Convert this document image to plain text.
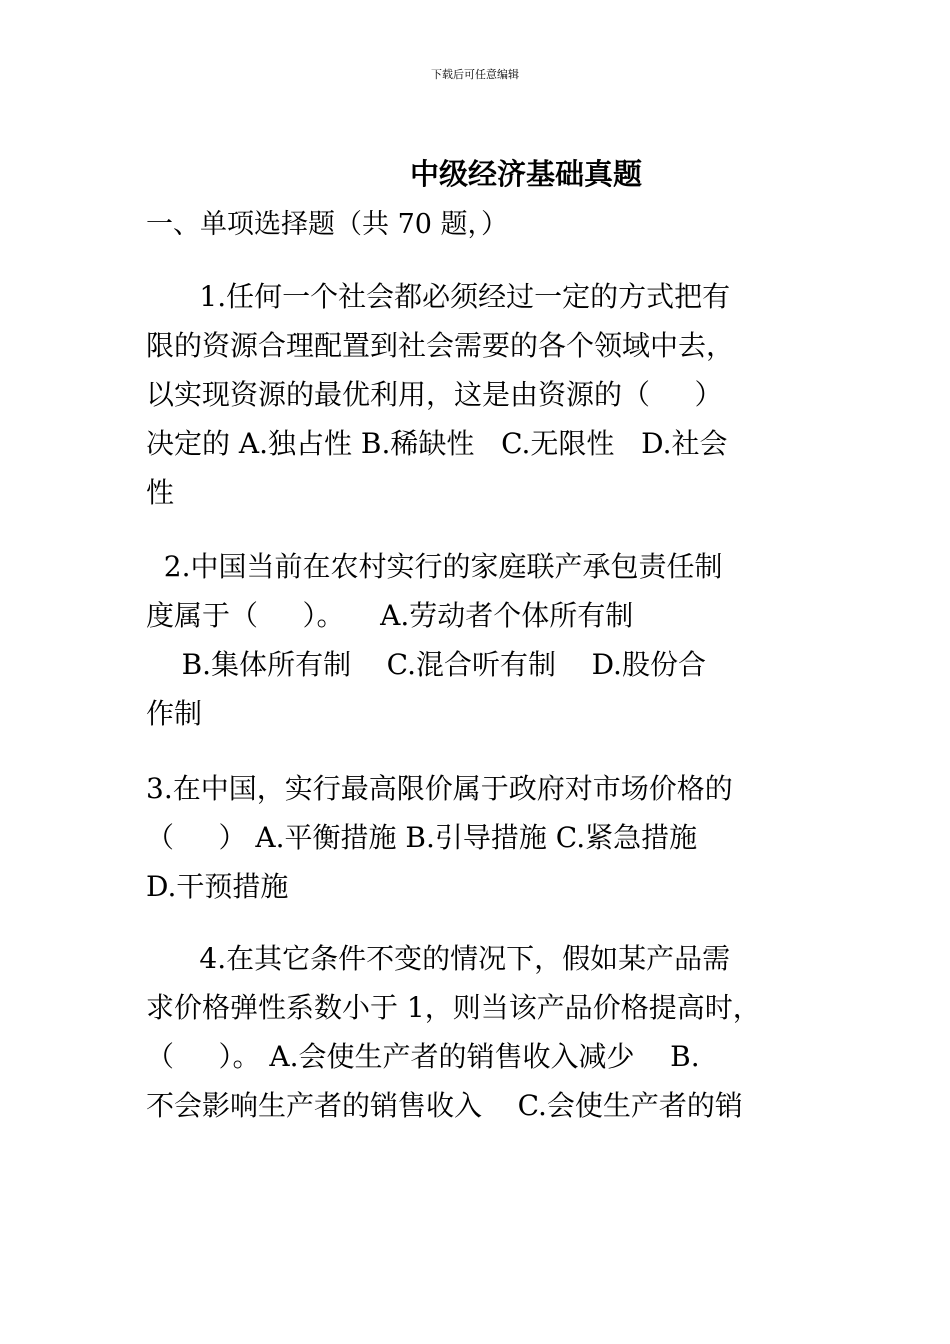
下载后可任意编辑
中级经济基础真题
一、单项选择题（共 70 题，）
1.任何一个社会都必须经过一定的方式把有
限的资源合理配置到社会需要的各个领域中去，
以实现资源的最优利用，这是由资源的（     ）
决定的 A.独占性 B.稀缺性   C.无限性   D.社会
性
2.中国当前在农村实行的家庭联产承包责任制
度属于（     ）。    A.劳动者个体所有制
B.集体所有制    C.混合听有制    D.股份合
作制
3.在中国，实行最高限价属于政府对市场价格的
（     ） A.平衡措施 B.引导措施 C.紧急措施
D.干预措施
4.在其它条件不变的情况下，假如某产品需
求价格弹性系数小于 1，则当该产品价格提高时，
（     ）。 A.会使生产者的销售收入减少    B.
不会影响生产者的销售收入    C.会使生产者的销
